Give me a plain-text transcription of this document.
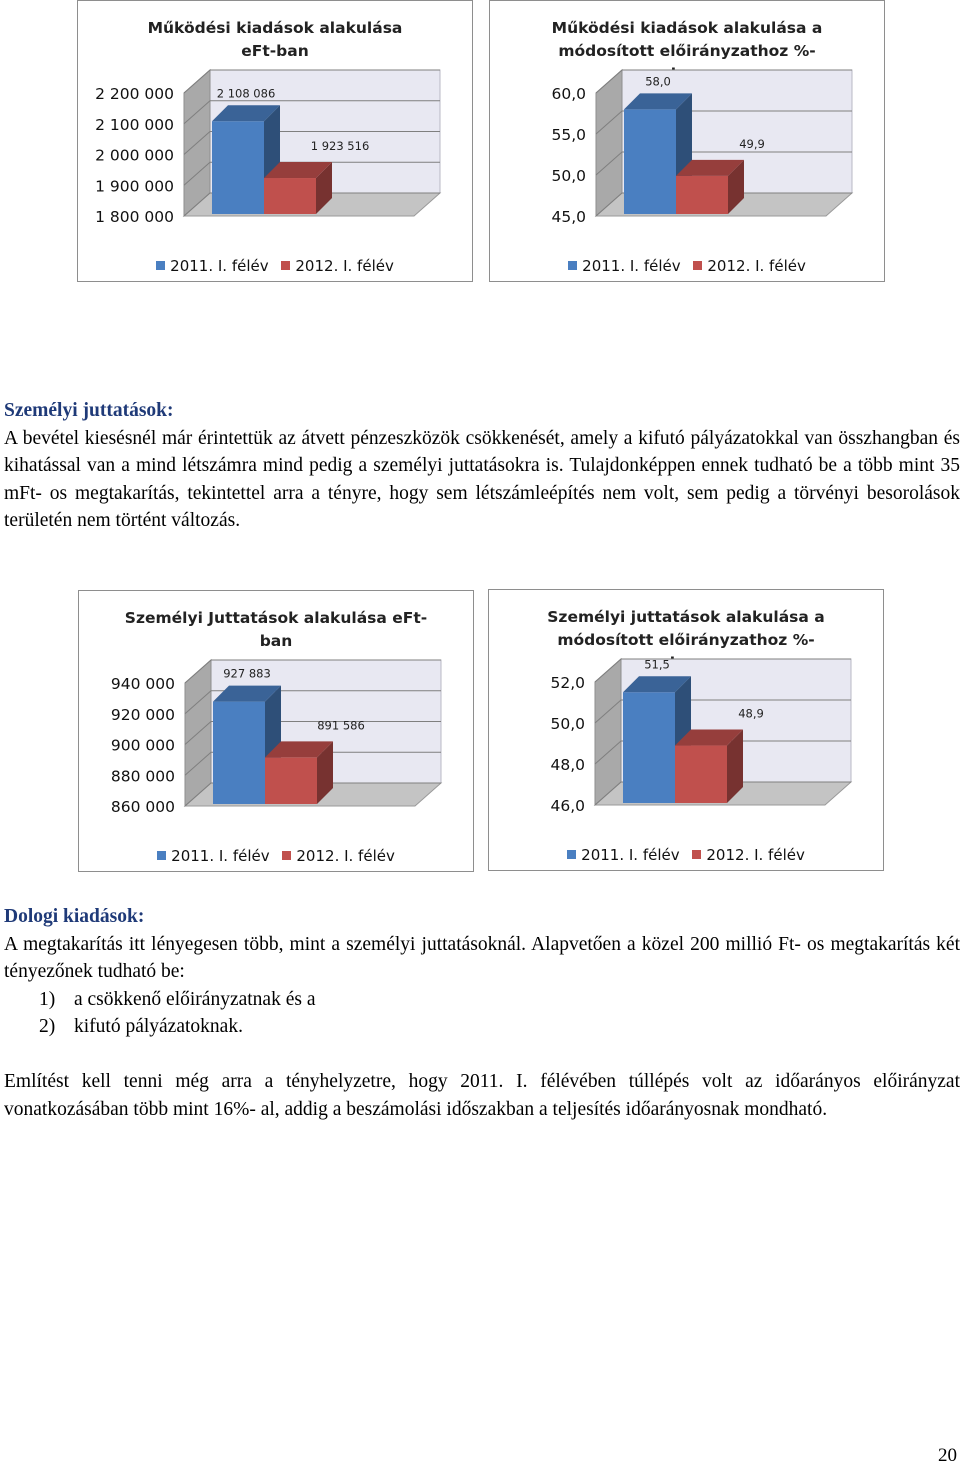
Működési kiadások alakulása eFt-ban
1 800 000
1 900 000
2 000 000
2 100 000
2 200 000	2 108 086
1 923 516
2011. I. félév 2012. I. félév
Működési kiadások alakulása a módosított előirányzathoz %-
45,0
50,0
55,0
60,0
58,0
49,9
2011. I. félév 2012. I. félév
Személyi juttatások:

A bevétel kiesésnél már érintettük az átvett pénzeszközök csökkenését, amely a kifutó pályázatokkal van összhangban és kihatással van a mind létszámra mind pedig a személyi juttatásokra is. Tulajdonképpen ennek tudható be a több mint 35 mFt- os megtakarítás, tekintettel arra a tényre, hogy sem létszámleépítés nem volt, sem pedig a törvényi besorolások területén nem történt változás.

Személyi Juttatások alakulása eFt-ban
860 000
880 000
900 000
920 000
940 000
927 883
891 586
2011. I. félév 2012. I. félév
Személyi juttatások alakulása a módosított előirányzathoz %-
46,0
48,0
50,0
52,0
51,5
48,9
2011. I. félév 2012. I. félév
Dologi kiadások:

A megtakarítás itt lényegesen több, mint a személyi juttatásoknál. Alapvetően a közel 200 millió Ft- os megtakarítás két tényezőnek tudható be:

1) a csökkenő előirányzatnak és a
2) kifutó pályázatoknak.

Említést kell tenni még arra a tényhelyzetre, hogy 2011. I. félévében túllépés volt az időarányos előirányzat vonatkozásában több mint 16%- al, addig a beszámolási időszakban a teljesítés időarányosnak mondható.

20
